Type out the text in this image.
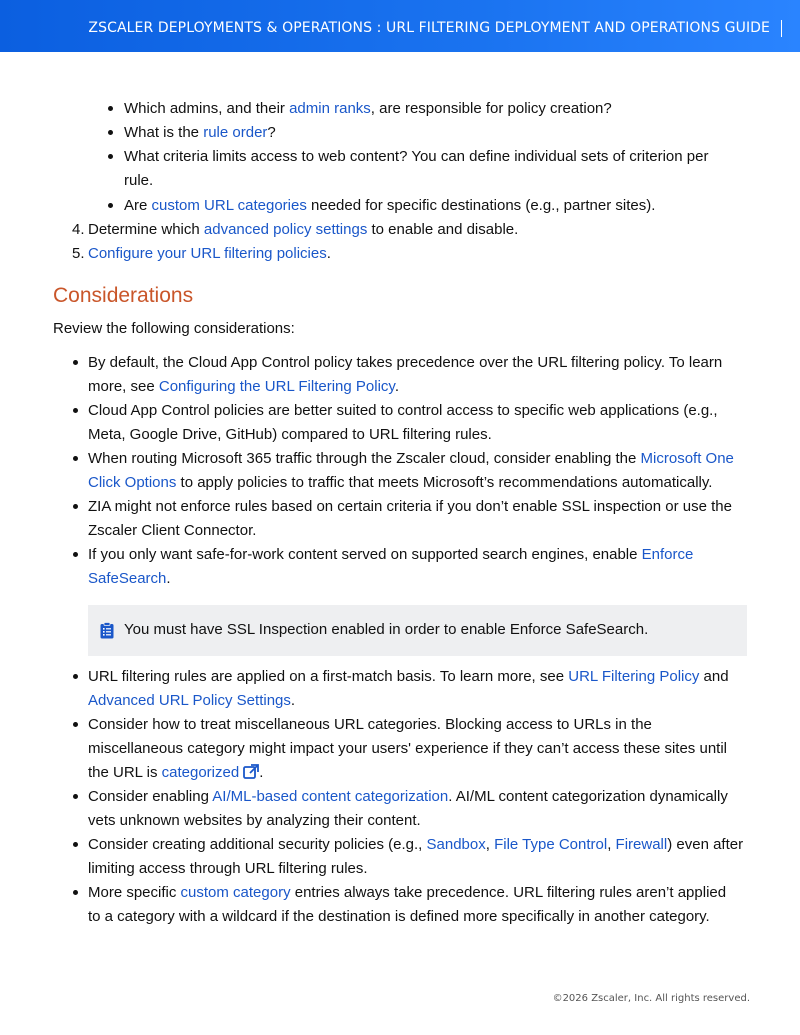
ZSCALER DEPLOYMENTS & OPERATIONS : URL FILTERING DEPLOYMENT AND OPERATIONS GUIDE
Which admins, and their admin ranks, are responsible for policy creation?
What is the rule order?
What criteria limits access to web content? You can define individual sets of criterion per
rule.
Are custom URL categories needed for specific destinations (e.g., partner sites).
4. Determine which advanced policy settings to enable and disable.
5. Configure your URL filtering policies.
Considerations
Review the following considerations:
By default, the Cloud App Control policy takes precedence over the URL filtering policy. To learn
more, see Configuring the URL Filtering Policy.
Cloud App Control policies are better suited to control access to specific web applications (e.g.,
Meta, Google Drive, GitHub) compared to URL filtering rules.
When routing Microsoft 365 traffic through the Zscaler cloud, consider enabling the Microsoft One
Click Options to apply policies to traffic that meets Microsoft’s recommendations automatically.
ZIA might not enforce rules based on certain criteria if you don’t enable SSL inspection or use the
Zscaler Client Connector.
If you only want safe-for-work content served on supported search engines, enable Enforce
SafeSearch.
You must have SSL Inspection enabled in order to enable Enforce SafeSearch.
URL filtering rules are applied on a first-match basis. To learn more, see URL Filtering Policy and
Advanced URL Policy Settings.
Consider how to treat miscellaneous URL categories. Blocking access to URLs in the
miscellaneous category might impact your users' experience if they can’t access these sites until
the URL is categorized .
Consider enabling AI/ML-based content categorization. AI/ML content categorization dynamically
vets unknown websites by analyzing their content.
Consider creating additional security policies (e.g., Sandbox, File Type Control, Firewall) even after
limiting access through URL filtering rules.
More specific custom category entries always take precedence. URL filtering rules aren’t applied
to a category with a wildcard if the destination is defined more specifically in another category.
©2026 Zscaler, Inc. All rights reserved.
